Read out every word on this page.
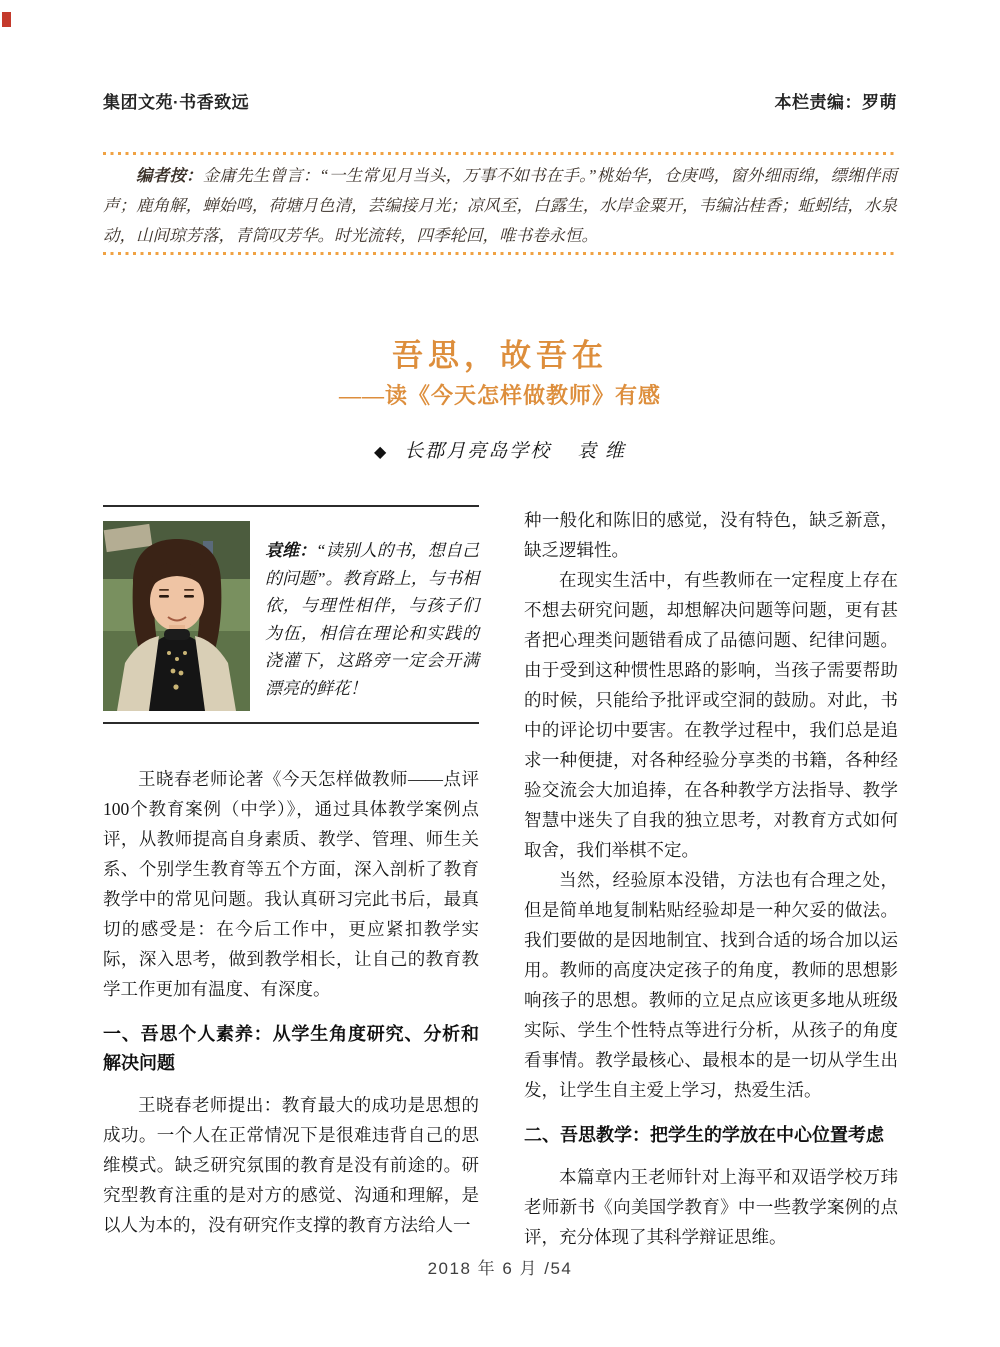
集团文苑·书香致远	本栏责编：罗萌

编者按：金庸先生曾言：“一生常见月当头，万事不如书在手。”桃始华，仓庚鸣，窗外细雨绵，缥缃伴雨声；鹿角解，蝉始鸣，荷塘月色清，芸编接月光；凉风至，白露生，水岸金粟开，韦编沾桂香；蚯蚓结，水泉动，山间琼芳落，青筒叹芳华。时光流转，四季轮回，唯书卷永恒。

吾思，故吾在
——读《今天怎样做教师》有感
◆ 长郡月亮岛学校 袁 维
袁维：“读别人的书，想自己的问题”。教育路上，与书相依，与理性相伴，与孩子们为伍，相信在理论和实践的浇灌下，这路旁一定会开满漂亮的鲜花！

王晓春老师论著《今天怎样做教师——点评100个教育案例（中学）》，通过具体教学案例点评，从教师提高自身素质、教学、管理、师生关系、个别学生教育等五个方面，深入剖析了教育教学中的常见问题。我认真研习完此书后，最真切的感受是：在今后工作中，更应紧扣教学实际，深入思考，做到教学相长，让自己的教育教学工作更加有温度、有深度。

一、吾思个人素养：从学生角度研究、分析和解决问题

王晓春老师提出：教育最大的成功是思想的成功。一个人在正常情况下是很难违背自己的思维模式。缺乏研究氛围的教育是没有前途的。研究型教育注重的是对方的感觉、沟通和理解，是以人为本的，没有研究作支撑的教育方法给人一

种一般化和陈旧的感觉，没有特色，缺乏新意，缺乏逻辑性。

在现实生活中，有些教师在一定程度上存在不想去研究问题，却想解决问题等问题，更有甚者把心理类问题错看成了品德问题、纪律问题。由于受到这种惯性思路的影响，当孩子需要帮助的时候，只能给予批评或空洞的鼓励。对此，书中的评论切中要害。在教学过程中，我们总是追求一种便捷，对各种经验分享类的书籍，各种经验交流会大加追捧，在各种教学方法指导、教学智慧中迷失了自我的独立思考，对教育方式如何取舍，我们举棋不定。

当然，经验原本没错，方法也有合理之处，但是简单地复制粘贴经验却是一种欠妥的做法。我们要做的是因地制宜、找到合适的场合加以运用。教师的高度决定孩子的角度，教师的思想影响孩子的思想。教师的立足点应该更多地从班级实际、学生个性特点等进行分析，从孩子的角度看事情。教学最核心、最根本的是一切从学生出发，让学生自主爱上学习，热爱生活。

二、吾思教学：把学生的学放在中心位置考虑

本篇章内王老师针对上海平和双语学校万玮老师新书《向美国学教育》中一些教学案例的点评，充分体现了其科学辩证思维。

2018 年 6 月 /54
